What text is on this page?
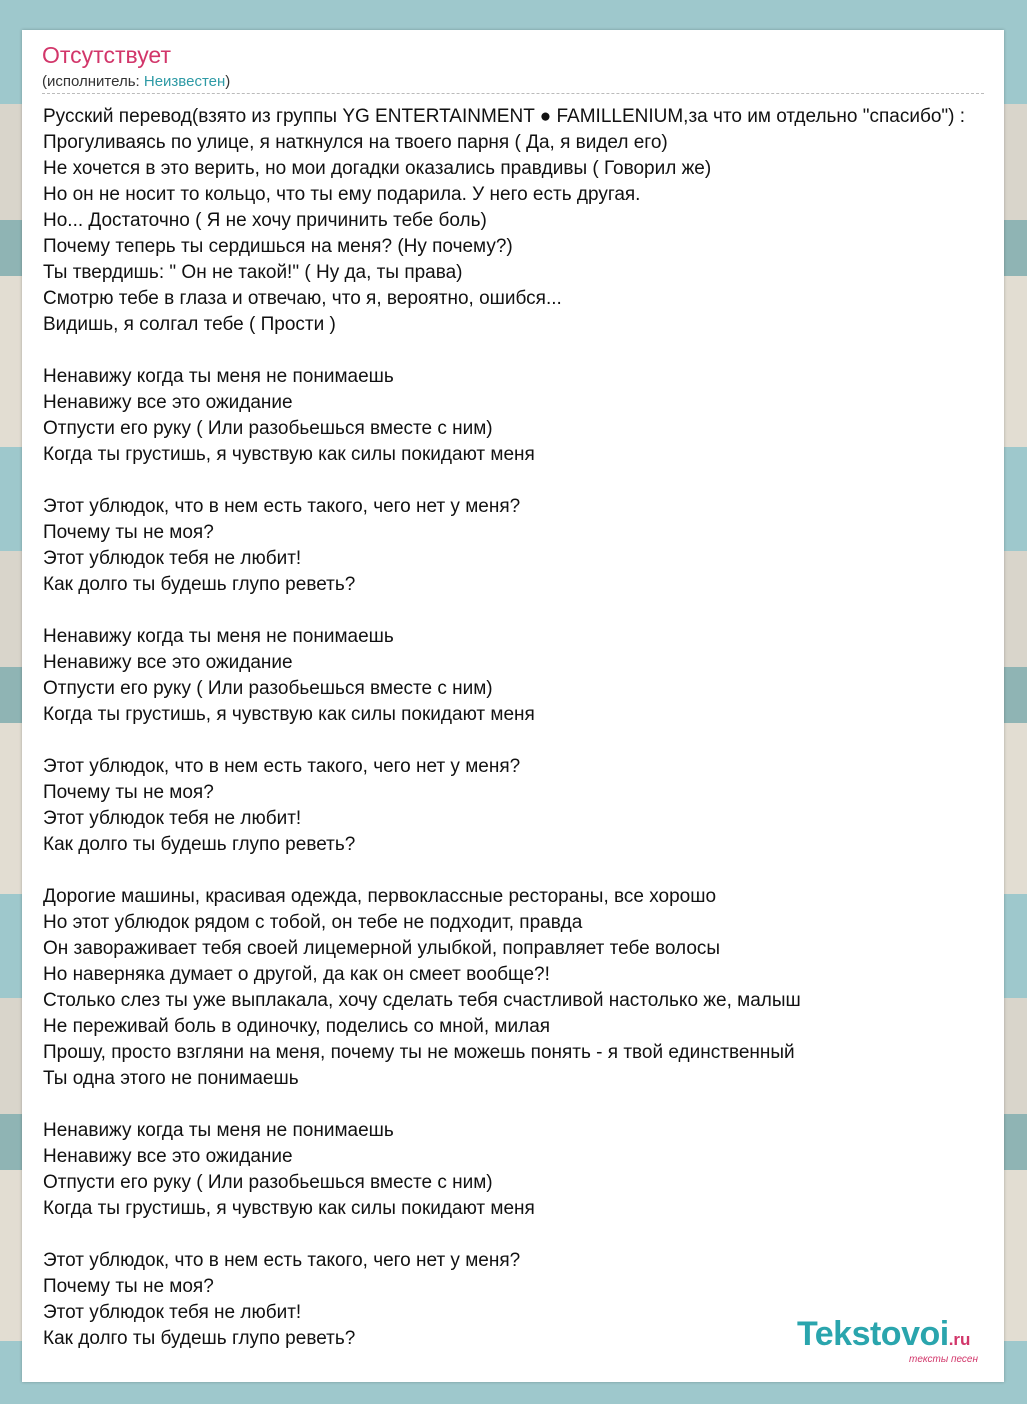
Отсутствует
(исполнитель: Неизвестен)
Русский перевод(взято из группы YG ENTERTAINMENT ● FAMILLENIUM,за что им отдельно "спасибо") :
Прогуливаясь по улице, я наткнулся на твоего парня ( Да, я видел его)
Не хочется в это верить, но мои догадки оказались правдивы ( Говорил же)
Но он не носит то кольцо, что ты ему подарила. У него есть другая.
Но... Достаточно ( Я не хочу причинить тебе боль)
Почему теперь ты сердишься на меня? (Ну почему?)
Ты твердишь: " Он не такой!" ( Ну да, ты права)
Смотрю тебе в глаза и отвечаю, что я, вероятно, ошибся...
Видишь, я солгал тебе ( Прости )
Ненавижу когда ты меня не понимаешь
Ненавижу все это ожидание
Отпусти его руку ( Или разобьешься вместе с ним)
Когда ты грустишь, я чувствую как силы покидают меня
Этот ублюдок, что в нем есть такого, чего нет у меня?
Почему ты не моя?
Этот ублюдок тебя не любит!
Как долго ты будешь глупо реветь?
Ненавижу когда ты меня не понимаешь
Ненавижу все это ожидание
Отпусти его руку ( Или разобьешься вместе с ним)
Когда ты грустишь, я чувствую как силы покидают меня
Этот ублюдок, что в нем есть такого, чего нет у меня?
Почему ты не моя?
Этот ублюдок тебя не любит!
Как долго ты будешь глупо реветь?
Дорогие машины, красивая одежда, первоклассные рестораны, все хорошо
Но этот ублюдок рядом с тобой, он тебе не подходит, правда
Он завораживает тебя своей лицемерной улыбкой, поправляет тебе волосы
Но наверняка думает о другой, да как он смеет вообще?!
Столько слез ты уже выплакала, хочу сделать тебя счастливой настолько же, малыш
Не переживай боль в одиночку, поделись со мной, милая
Прошу, просто взгляни на меня, почему ты не можешь понять - я твой единственный
Ты одна этого не понимаешь
Ненавижу когда ты меня не понимаешь
Ненавижу все это ожидание
Отпусти его руку ( Или разобьешься вместе с ним)
Когда ты грустишь, я чувствую как силы покидают меня
Этот ублюдок, что в нем есть такого, чего нет у меня?
Почему ты не моя?
Этот ублюдок тебя не любит!
Как долго ты будешь глупо реветь?	Tekstovoi.ru
тексты песен
